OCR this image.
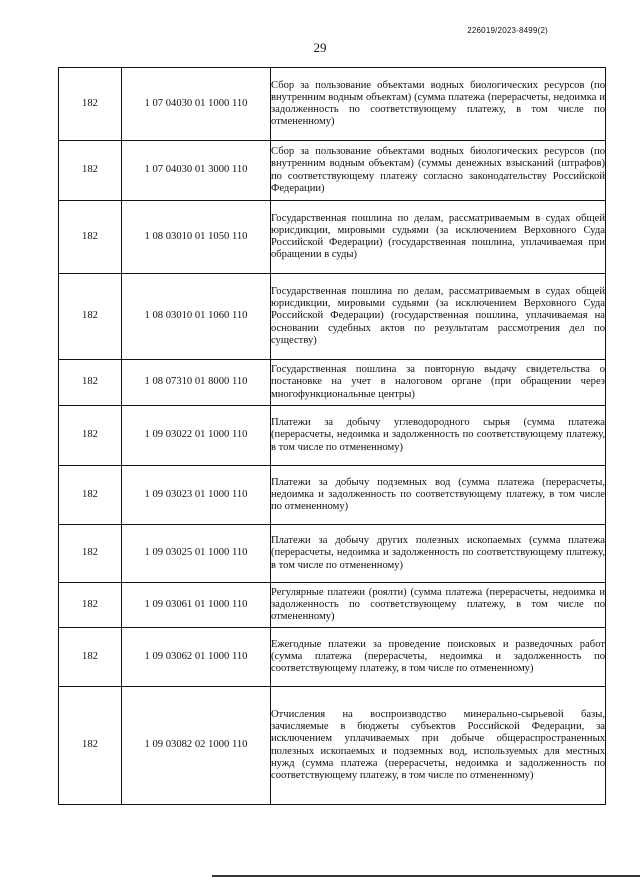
226019/2023-8499(2)
29
182	1 07 04030 01 1000 110	Сбор за пользование объектами водных биологических ресурсов (по внутренним водным объектам) (сумма платежа (перерасчеты, недоимка и задолженность по соответствующему платежу, в том числе по отмененному)
182	1 07 04030 01 3000 110	Сбор за пользование объектами водных биологических ресурсов (по внутренним водным объектам) (суммы денежных взысканий (штрафов) по соответствующему платежу согласно законодательству Российской Федерации)
182	1 08 03010 01 1050 110	Государственная пошлина по делам, рассматриваемым в судах общей юрисдикции, мировыми судьями (за исключением Верховного Суда Российской Федерации) (государственная пошлина, уплачиваемая при обращении в суды)
182	1 08 03010 01 1060 110	Государственная пошлина по делам, рассматриваемым в судах общей юрисдикции, мировыми судьями (за исключением Верховного Суда Российской Федерации) (государственная пошлина, уплачиваемая на основании судебных актов по результатам рассмотрения дел по существу)
182	1 08 07310 01 8000 110	Государственная пошлина за повторную выдачу свидетельства о постановке на учет в налоговом органе (при обращении через многофункциональные центры)
182	1 09 03022 01 1000 110	Платежи за добычу углеводородного сырья (сумма платежа (перерасчеты, недоимка и задолженность по соответствующему платежу, в том числе по отмененному)
182	1 09 03023 01 1000 110	Платежи за добычу подземных вод (сумма платежа (перерасчеты, недоимка и задолженность по соответствующему платежу, в том числе по отмененному)
182	1 09 03025 01 1000 110	Платежи за добычу других полезных ископаемых (сумма платежа (перерасчеты, недоимка и задолженность по соответствующему платежу, в том числе по отмененному)
182	1 09 03061 01 1000 110	Регулярные платежи (роялти) (сумма платежа (перерасчеты, недоимка и задолженность по соответствующему платежу, в том числе по отмененному)
182	1 09 03062 01 1000 110	Ежегодные платежи за проведение поисковых и разведочных работ (сумма платежа (перерасчеты, недоимка и задолженность по соответствующему платежу, в том числе по отмененному)
182	1 09 03082 02 1000 110	Отчисления на воспроизводство минерально-сырьевой базы, зачисляемые в бюджеты субъектов Российской Федерации, за исключением уплачиваемых при добыче общераспространенных полезных ископаемых и подземных вод, используемых для местных нужд (сумма платежа (перерасчеты, недоимка и задолженность по соответствующему платежу, в том числе по отмененному)
